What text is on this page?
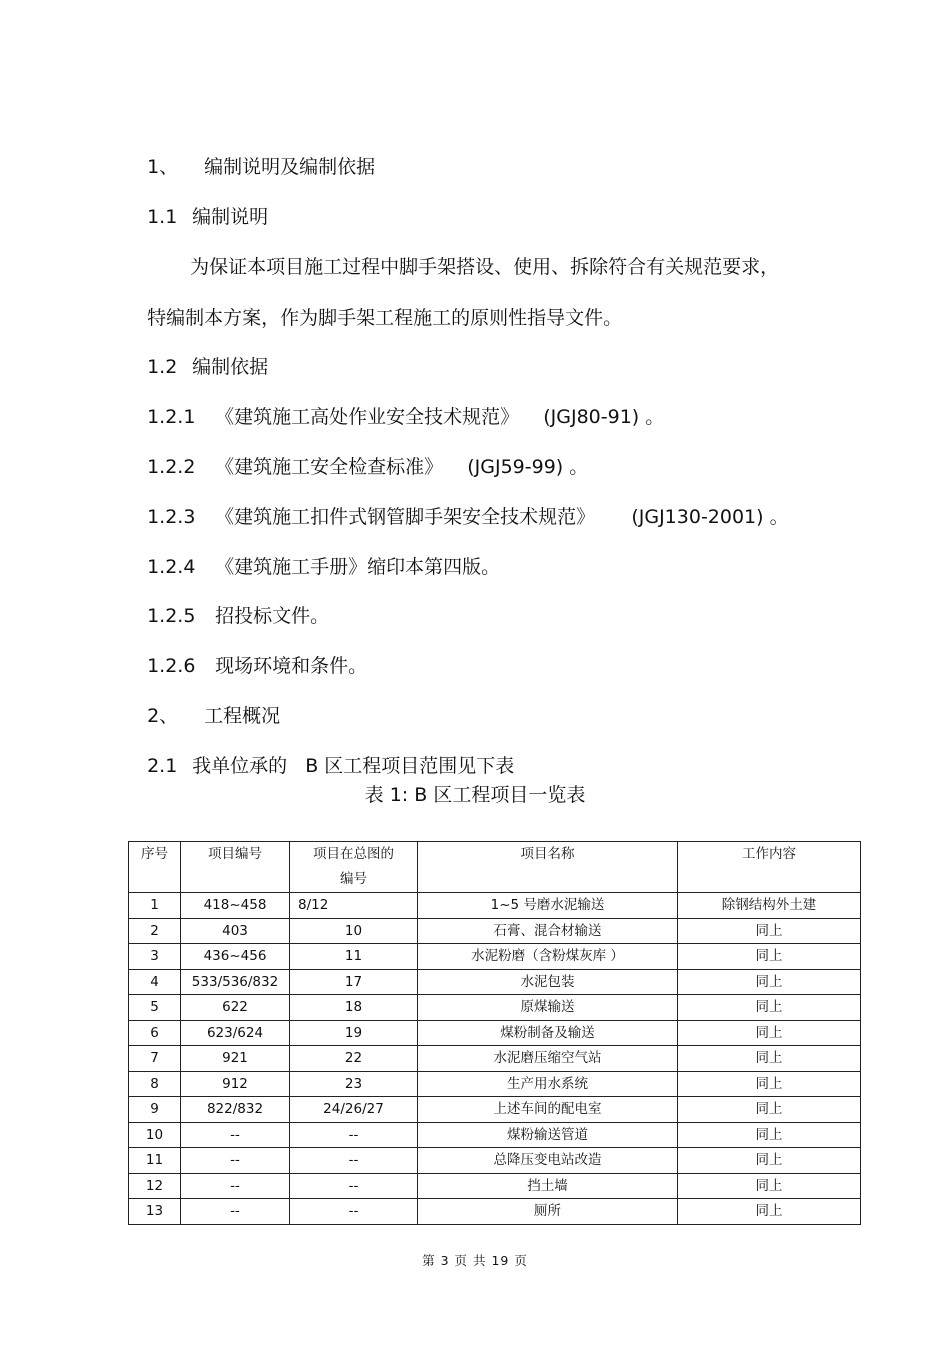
1、 编制说明及编制依据

1.1 编制说明

为保证本项目施工过程中脚手架搭设、使用、拆除符合有关规范要求，

特编制本方案，作为脚手架工程施工的原则性指导文件。

1.2 编制依据

1.2.1 《建筑施工高处作业安全技术规范》    (JGJ80-91) 。

1.2.2 《建筑施工安全检查标准》    (JGJ59-99) 。

1.2.3 《建筑施工扣件式钢管脚手架安全技术规范》      (JGJ130-2001) 。

1.2.4 《建筑施工手册》缩印本第四版。

1.2.5 招投标文件。

1.2.6 现场环境和条件。

2、 工程概况

2.1 我单位承的   B 区工程项目范围见下表

表 1: B 区工程项目一览表
序号	项目编号	项目在总图的编号	项目名称	工作内容
1	418~458	8/12	1~5 号磨水泥输送	除钢结构外土建
2	403	10	石膏、混合材输送	同上
3	436~456	11	水泥粉磨（含粉煤灰库 ）	同上
4	533/536/832	17	水泥包装	同上
5	622	18	原煤输送	同上
6	623/624	19	煤粉制备及输送	同上
7	921	22	水泥磨压缩空气站	同上
8	912	23	生产用水系统	同上
9	822/832	24/26/27	上述车间的配电室	同上
10	--	--	煤粉输送管道	同上
11	--	--	总降压变电站改造	同上
12	--	--	挡土墙	同上
13	--	--	厕所	同上
第 3 页 共 19 页
